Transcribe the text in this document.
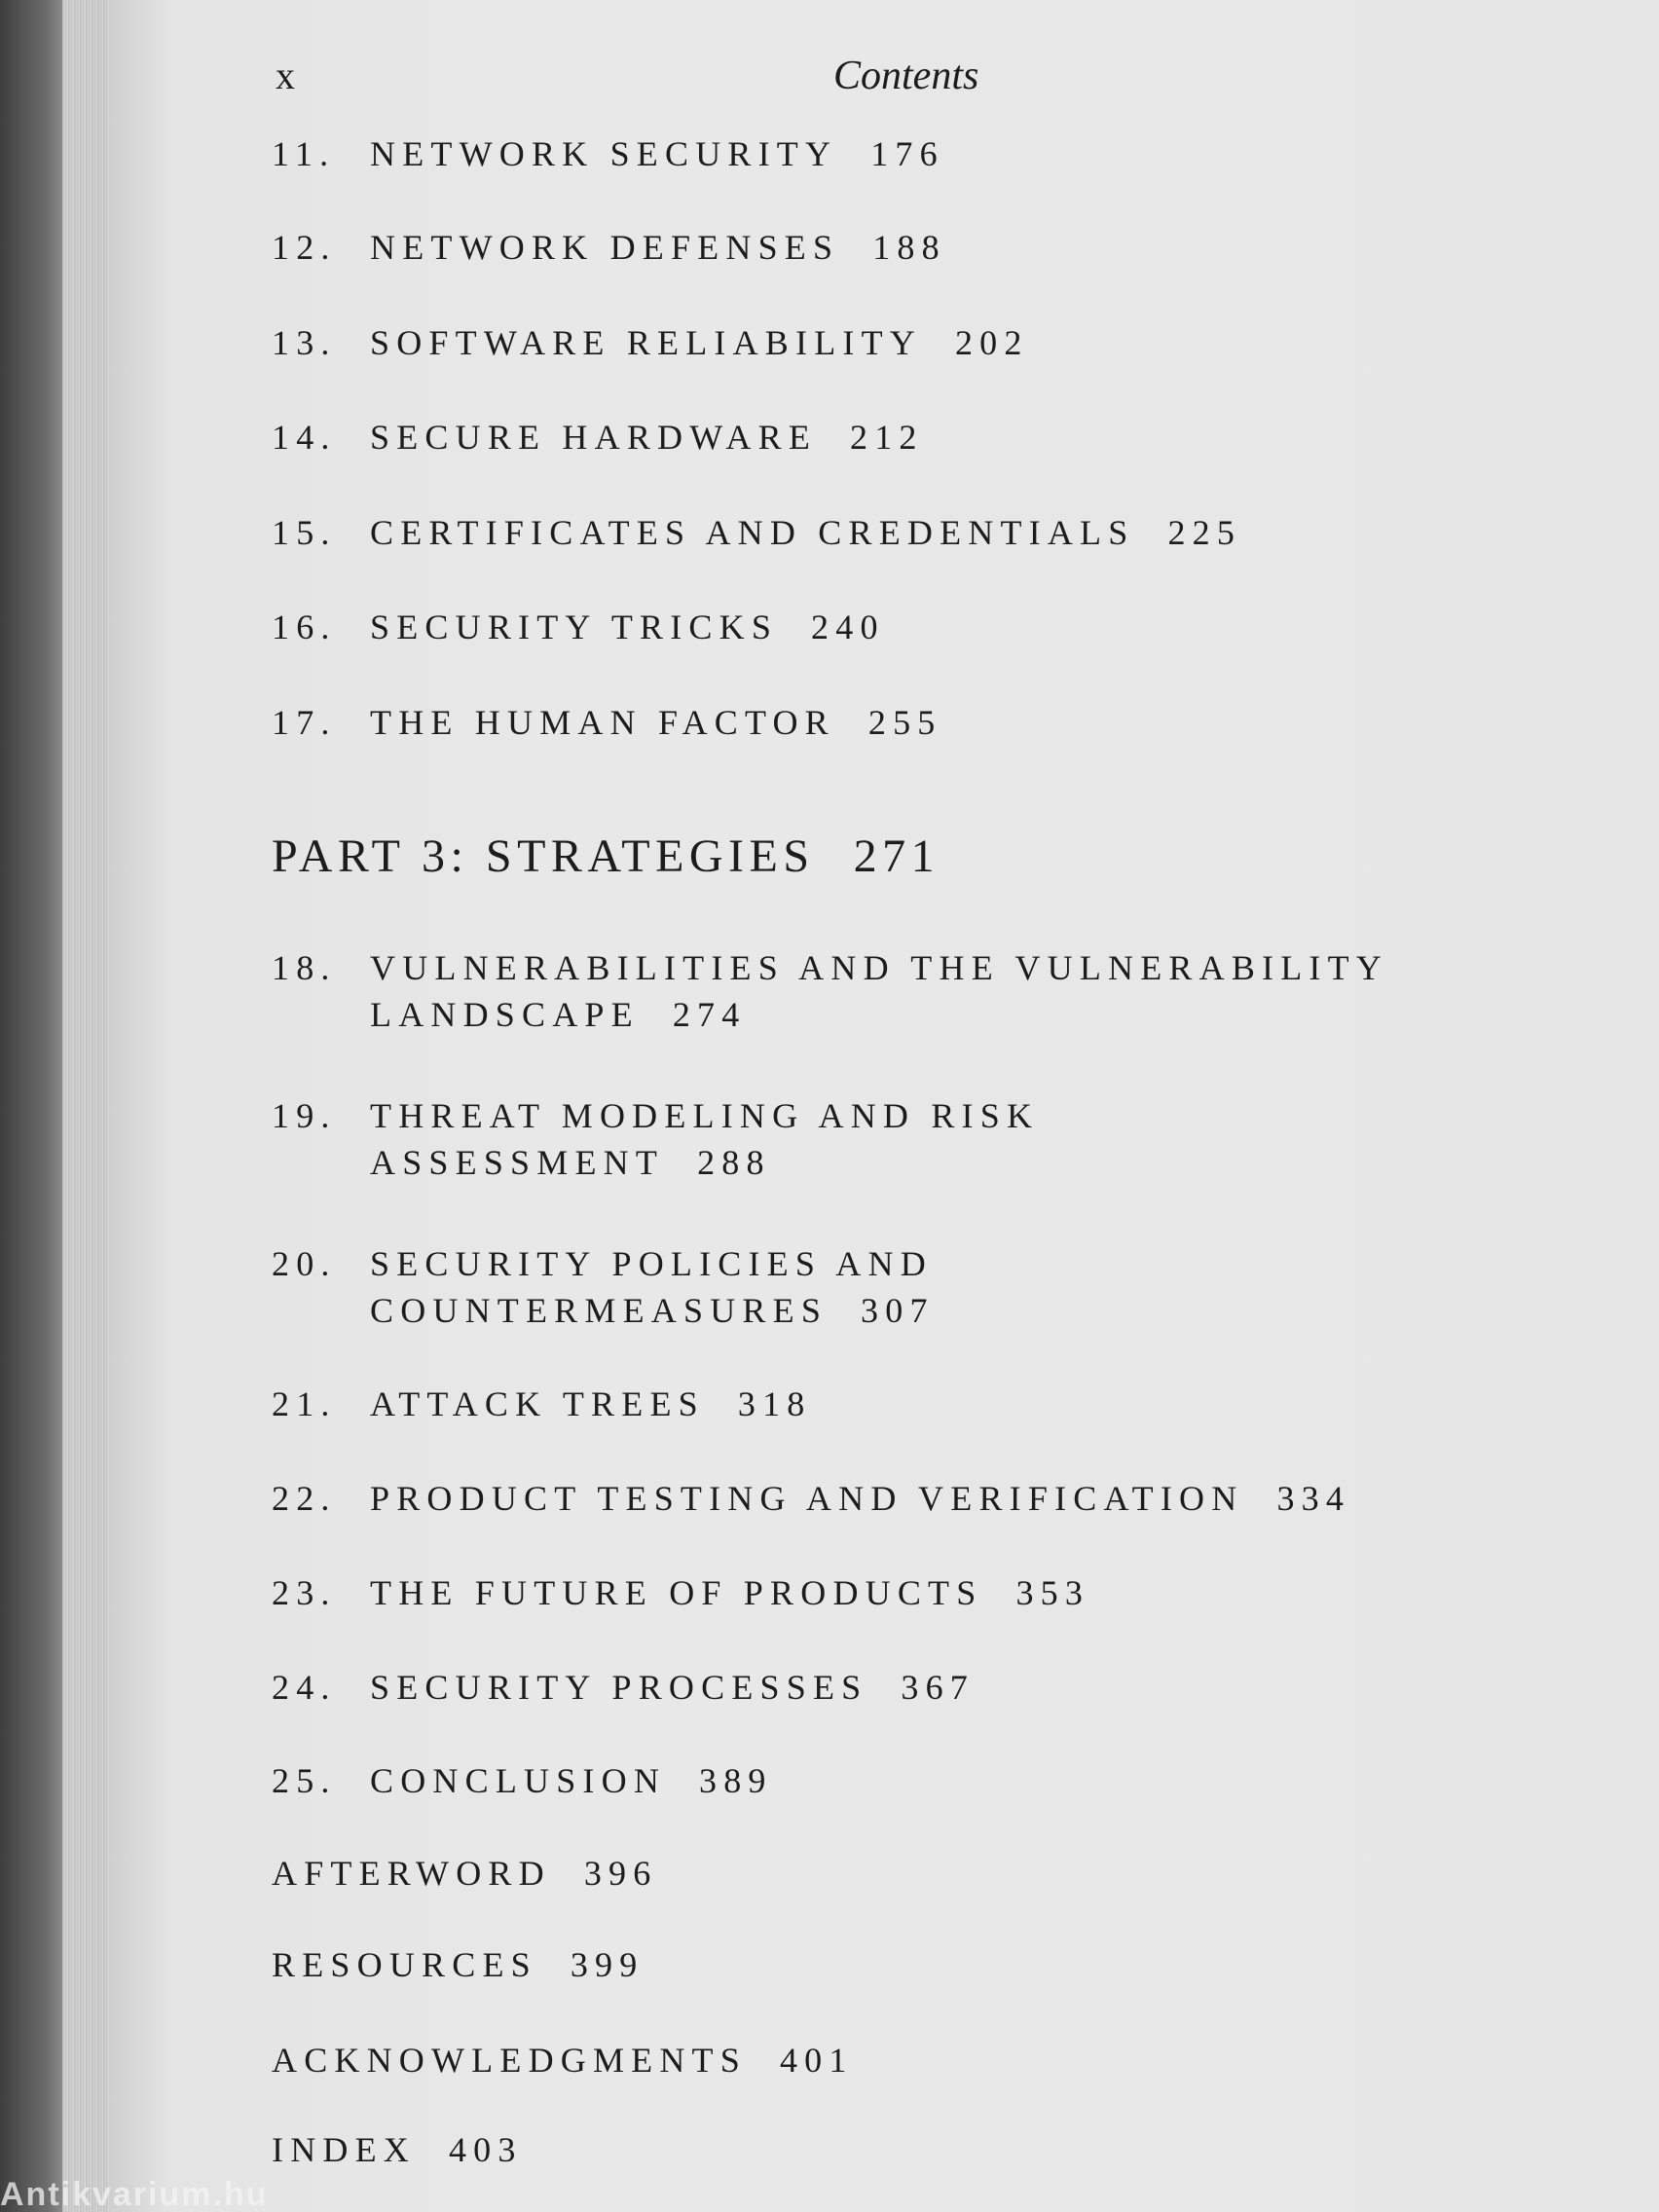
Antikvarium.hu
x	Contents
11. NETWORK SECURITY 176
12. NETWORK DEFENSES 188
13. SOFTWARE RELIABILITY 202
14. SECURE HARDWARE 212
15. CERTIFICATES AND CREDENTIALS 225
16. SECURITY TRICKS 240
17. THE HUMAN FACTOR 255
PART 3: STRATEGIES 271
18. VULNERABILITIES AND THE VULNERABILITY
LANDSCAPE 274
19. THREAT MODELING AND RISK
ASSESSMENT 288
20. SECURITY POLICIES AND
COUNTERMEASURES 307
21. ATTACK TREES 318
22. PRODUCT TESTING AND VERIFICATION 334
23. THE FUTURE OF PRODUCTS 353
24. SECURITY PROCESSES 367
25. CONCLUSION 389
AFTERWORD 396
RESOURCES 399
ACKNOWLEDGMENTS 401
INDEX 403
